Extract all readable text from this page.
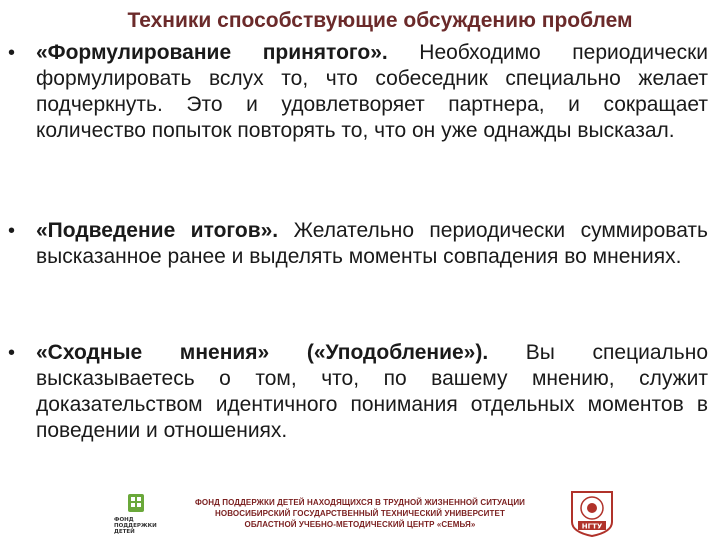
Техники способствующие обсуждению проблем
• «Формулирование принятого». Необходимо периодически формулировать вслух то, что собеседник специально желает подчеркнуть. Это и удовлетворяет партнера, и сокращает количество попыток повторять то, что он уже однажды высказал.
• «Подведение итогов». Желательно периодически суммировать высказанное ранее и выделять моменты совпадения во мнениях.
• «Сходные мнения» («Уподобление»). Вы специально высказываетесь о том, что, по вашему мнению, служит доказательством идентичного понимания отдельных моментов в поведении и отношениях.
ФОНД
ПОДДЕРЖКИ
ДЕТЕЙ
ФОНД ПОДДЕРЖКИ ДЕТЕЙ НАХОДЯЩИХСЯ В ТРУДНОЙ ЖИЗНЕННОЙ СИТУАЦИИ
НОВОСИБИРСКИЙ ГОСУДАРСТВЕННЫЙ ТЕХНИЧЕСКИЙ УНИВЕРСИТЕТ
ОБЛАСТНОЙ УЧЕБНО-МЕТОДИЧЕСКИЙ ЦЕНТР «СЕМЬЯ»	НГТУ
